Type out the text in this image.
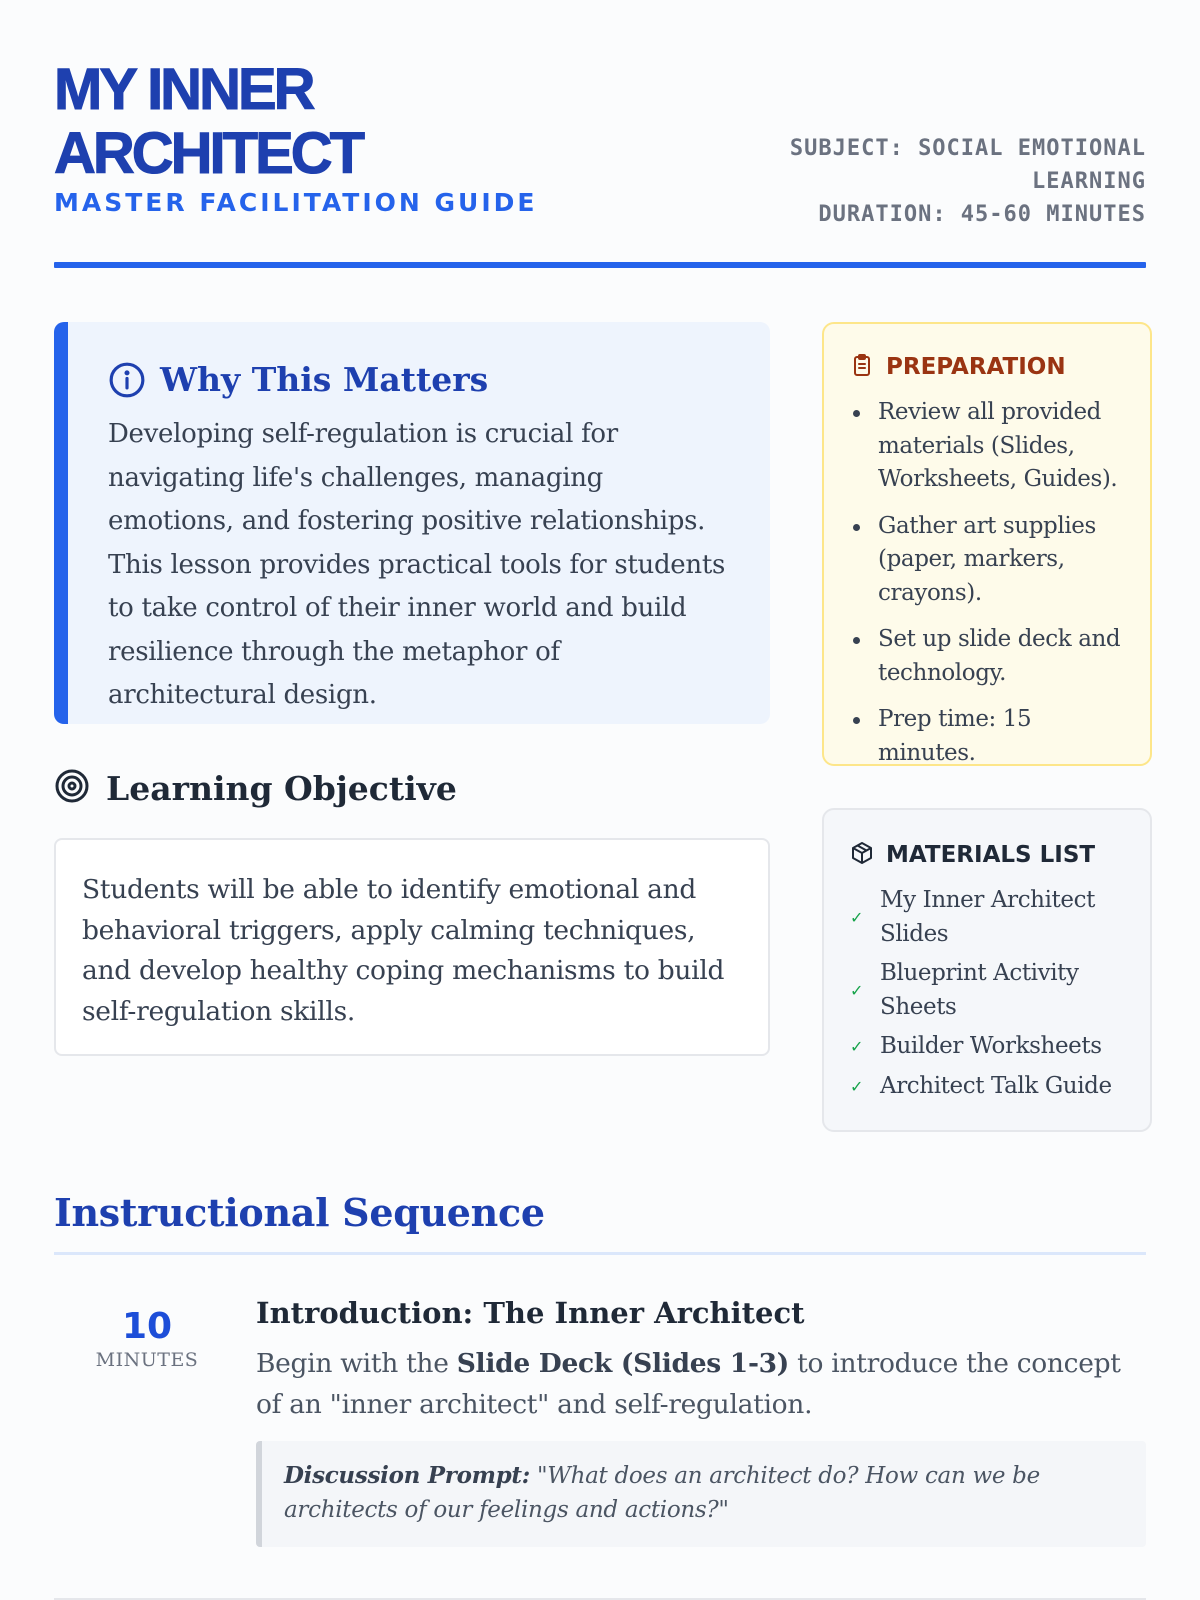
MY INNER
ARCHITECT
MASTER FACILITATION GUIDE
SUBJECT: SOCIAL EMOTIONAL LEARNING
DURATION: 45-60 MINUTES
Why This Matters

Developing self-regulation is crucial for navigating life's challenges, managing emotions, and fostering positive relationships. This lesson provides practical tools for students to take control of their inner world and build resilience through the metaphor of architectural design.

Learning Objective

Students will be able to identify emotional and behavioral triggers, apply calming techniques, and develop healthy coping mechanisms to build self-regulation skills.

PREPARATION
Review all provided materials (Slides, Worksheets, Guides).
Gather art supplies (paper, markers, crayons).
Set up slide deck and technology.
Prep time: 15 minutes.
MATERIALS LIST
✓
My Inner Architect Slides
✓
Blueprint Activity Sheets
✓ Builder Worksheets
✓ Architect Talk Guide
Instructional Sequence
10
MINUTES
Introduction: The Inner Architect

Begin with the Slide Deck (Slides 1-3) to introduce the concept of an "inner architect" and self-regulation.

Discussion Prompt: "What does an architect do? How can we be architects of our feelings and actions?"
